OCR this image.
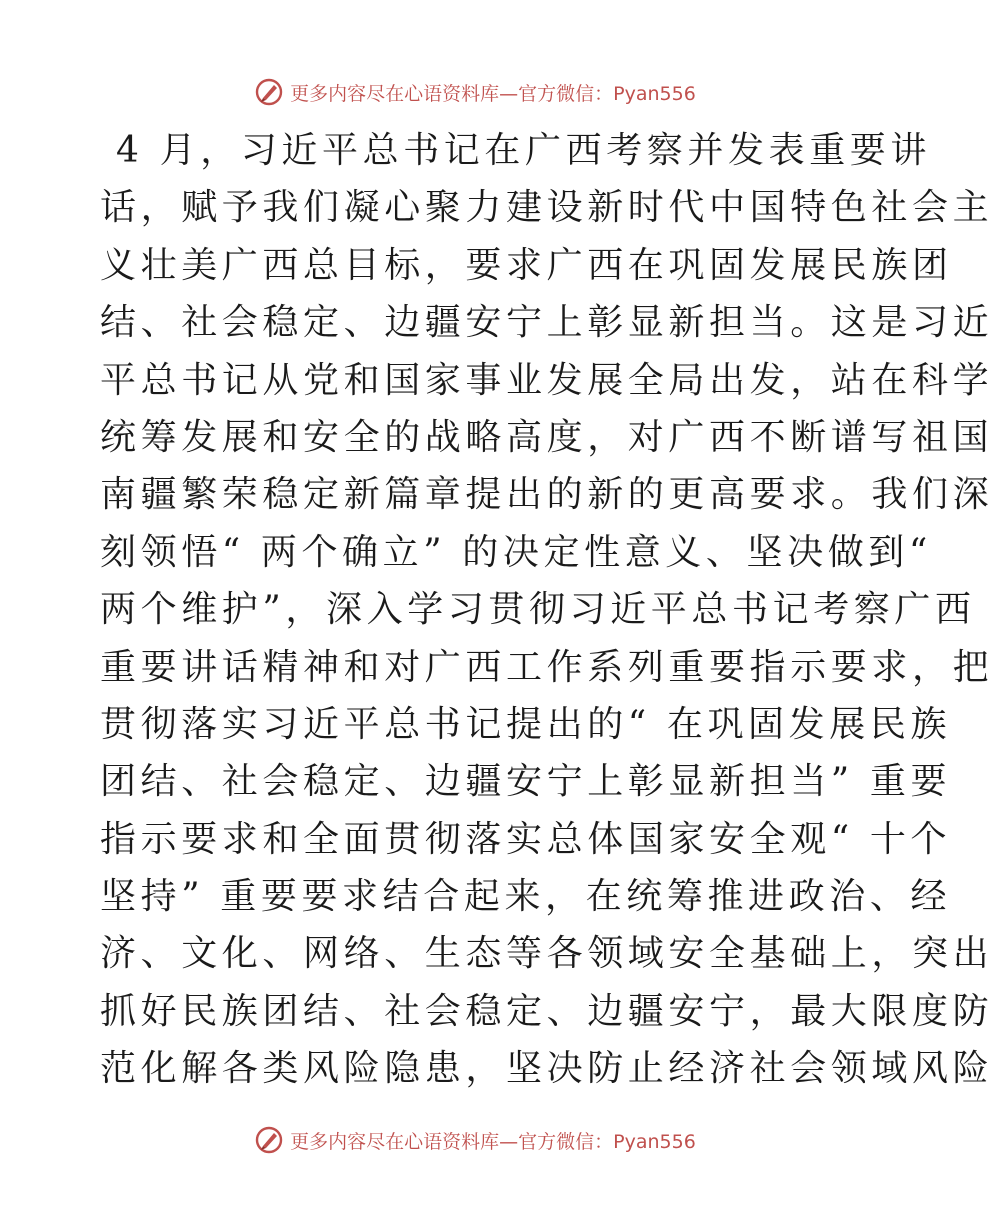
更多内容尽在心语资料库—官方微信：Pyan556
4 月，习近平总书记在广西考察并发表重要讲
话，赋予我们凝心聚力建设新时代中国特色社会主
义壮美广西总目标，要求广西在巩固发展民族团
结、社会稳定、边疆安宁上彰显新担当。这是习近
平总书记从党和国家事业发展全局出发，站在科学
统筹发展和安全的战略高度，对广西不断谱写祖国
南疆繁荣稳定新篇章提出的新的更高要求。我们深
刻领悟“ 两个确立” 的决定性意义、坚决做到“
两个维护”，深入学习贯彻习近平总书记考察广西
重要讲话精神和对广西工作系列重要指示要求，把
贯彻落实习近平总书记提出的“ 在巩固发展民族
团结、社会稳定、边疆安宁上彰显新担当” 重要
指示要求和全面贯彻落实总体国家安全观“ 十个
坚持” 重要要求结合起来，在统筹推进政治、经
济、文化、网络、生态等各领域安全基础上，突出
抓好民族团结、社会稳定、边疆安宁，最大限度防
范化解各类风险隐患，坚决防止经济社会领域风险
更多内容尽在心语资料库—官方微信：Pyan556
